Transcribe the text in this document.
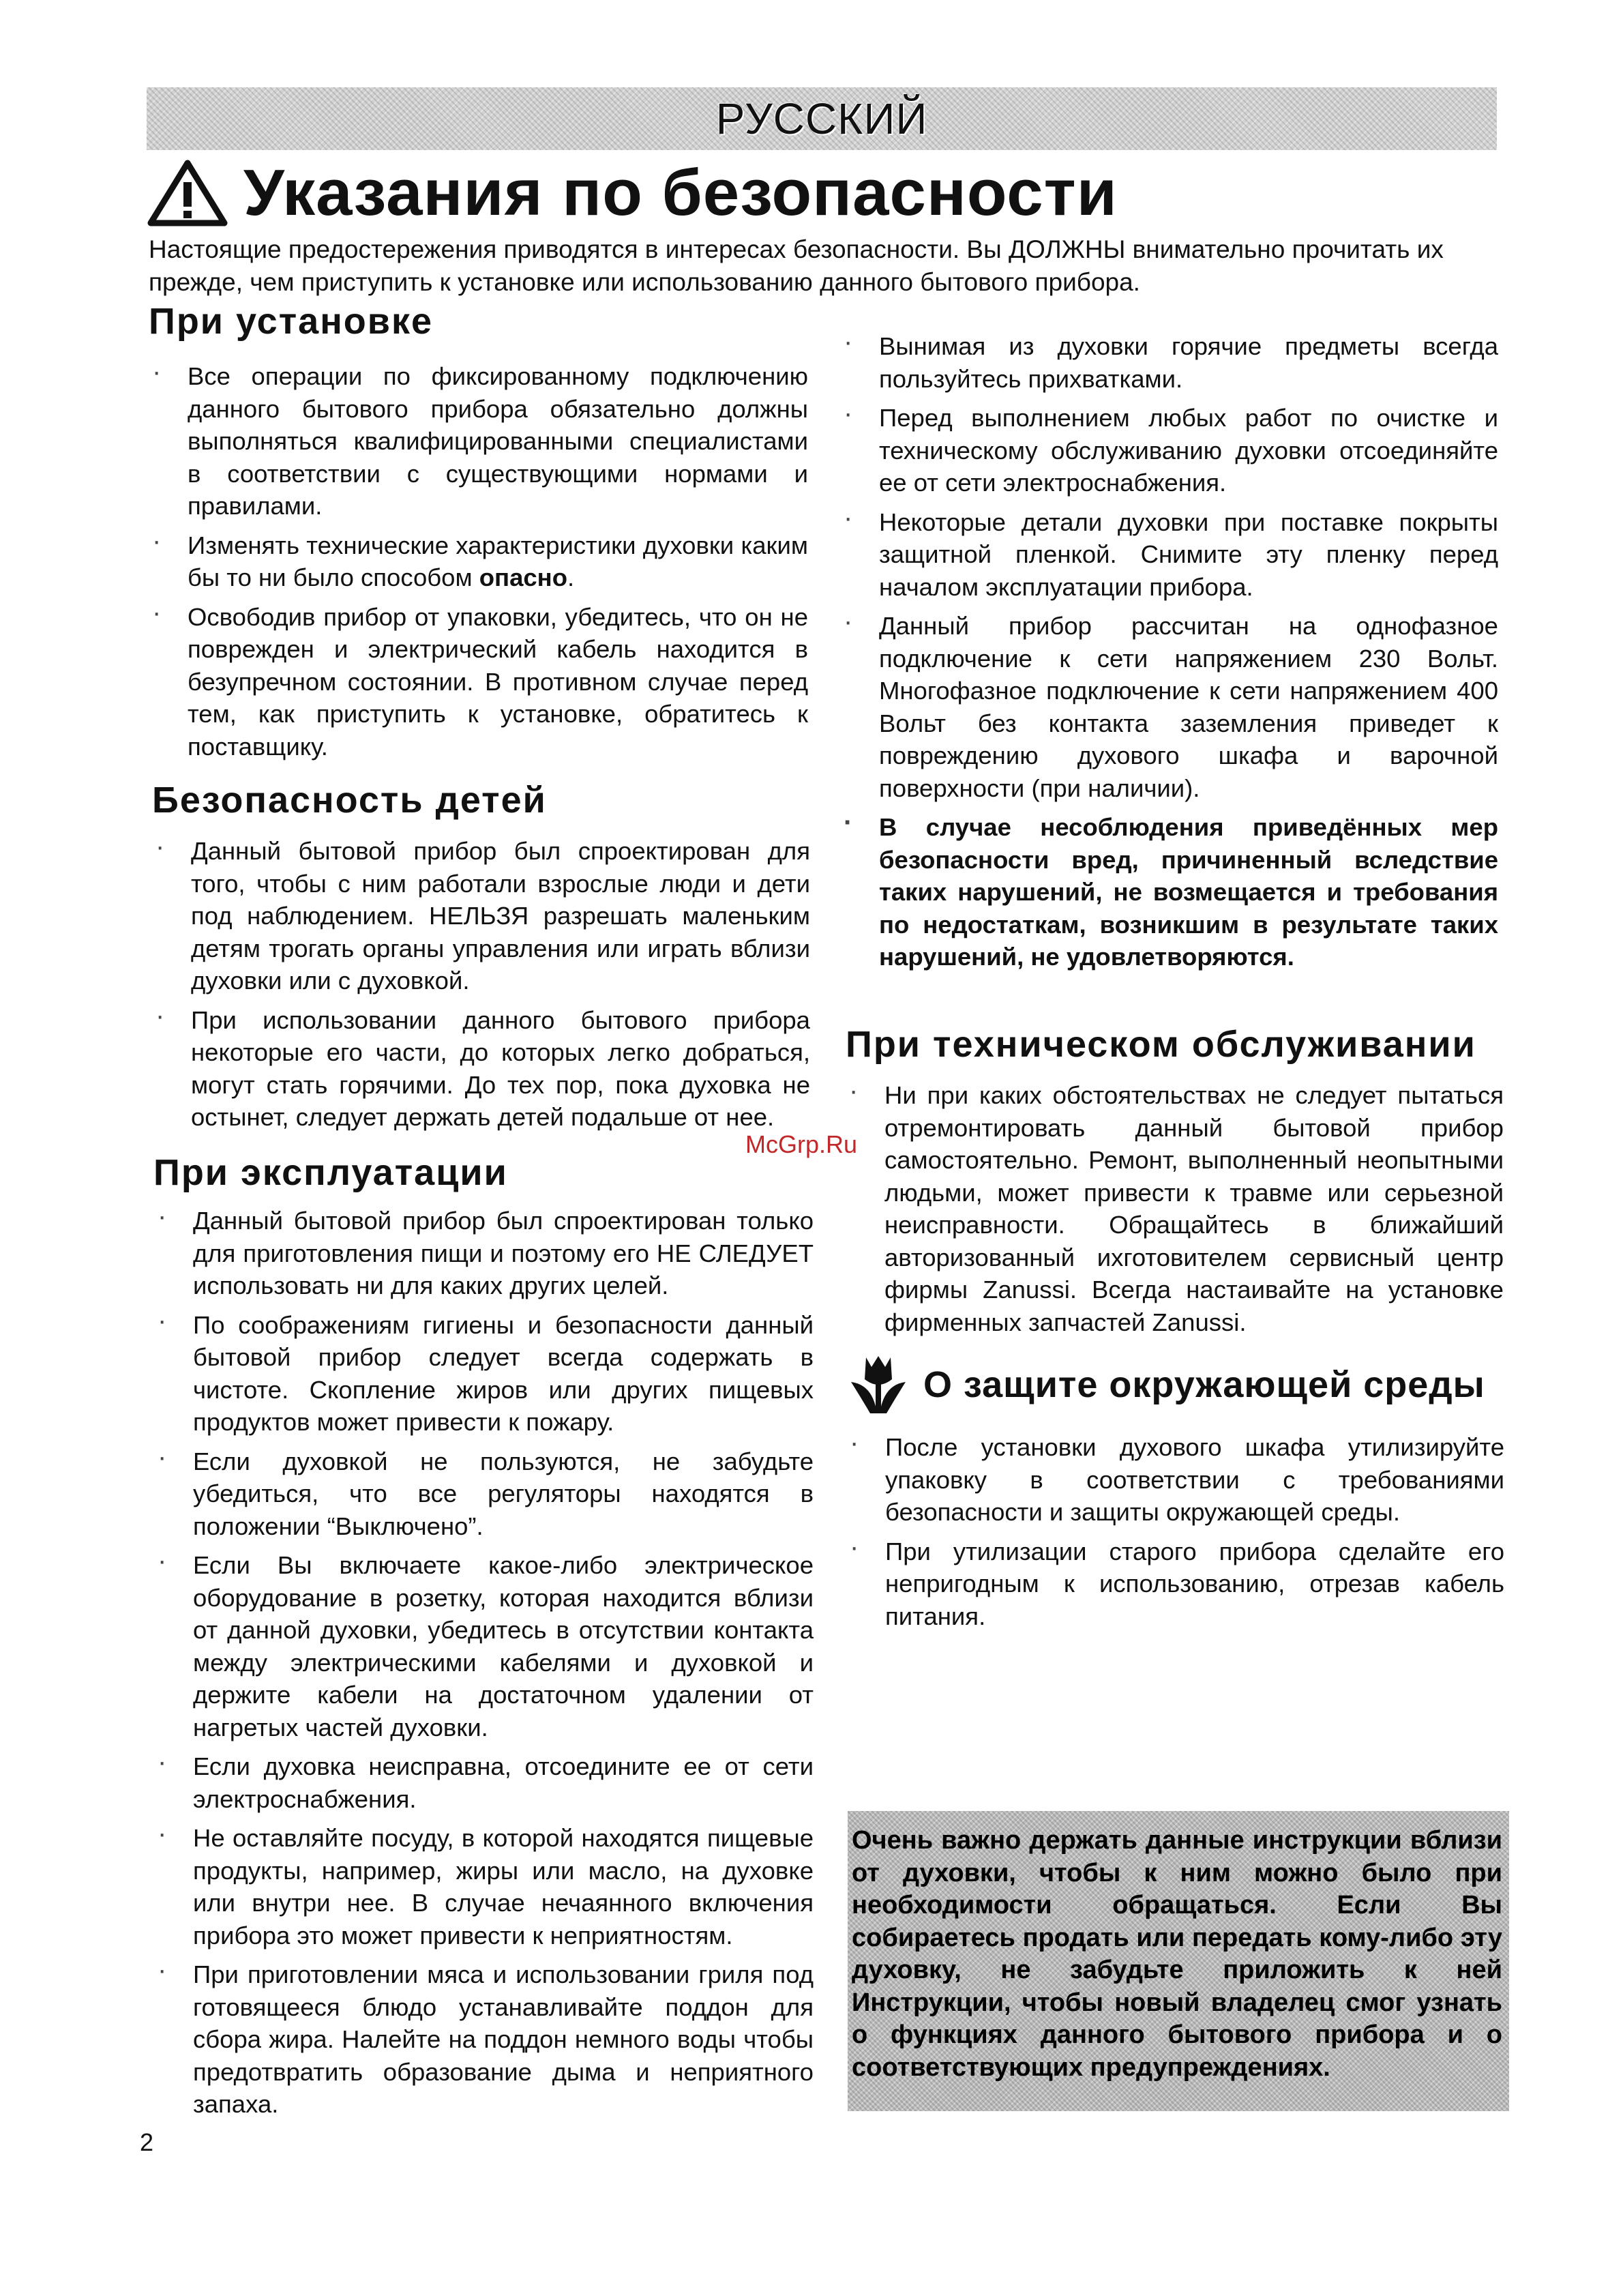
РУССКИЙ
Указания по безопасности

Настоящие предостережения приводятся в интересах безопасности. Вы ДОЛЖНЫ внимательно прочитать их прежде, чем приступить к установке или использованию данного бытового прибора.

При установке
· Все операции по фиксированному подключению данного бытового прибора обязательно должны выполняться квалифицированными специалистами в соответствии с существующими нормами и правилами.
· Изменять технические характеристики духовки каким бы то ни было способом опасно.
· Освободив прибор от упаковки, убедитесь, что он не поврежден и электрический кабель находится в безупречном состоянии. В противном случае перед тем, как приступить к установке, обратитесь к поставщику.
Безопасность детей
· Данный бытовой прибор был спроектирован для того, чтобы с ним работали взрослые люди и дети под наблюдением. НЕЛЬЗЯ разрешать маленьким детям трогать органы управления или играть вблизи духовки или с духовкой.
· При использовании данного бытового прибора некоторые его части, до которых легко добраться, могут стать горячими. До тех пор, пока духовка не остынет, следует держать детей подальше от нее.
При эксплуатации
· Данный бытовой прибор был спроектирован только для приготовления пищи и поэтому его НЕ СЛЕДУЕТ использовать ни для каких других целей.
· По соображениям гигиены и безопасности данный бытовой прибор следует всегда содержать в чистоте. Скопление жиров или других пищевых продуктов может привести к пожару.
· Если духовкой не пользуются, не забудьте убедиться, что все регуляторы находятся в положении “Выключено”.
· Если Вы включаете какое-либо электрическое оборудование в розетку, которая находится вблизи от данной духовки, убедитесь в отсутствии контакта между электрическими кабелями и духовкой и держите кабели на достаточном удалении от нагретых частей духовки.
· Если духовка неисправна, отсоедините ее от сети электроснабжения.
· Не оставляйте посуду, в которой находятся пищевые продукты, например, жиры или масло, на духовке или внутри нее. В случае нечаянного включения прибора это может привести к неприятностям.
· При приготовлении мяса и использовании гриля под готовящееся блюдо устанавливайте поддон для сбора жира. Налейте на поддон немного воды чтобы предотвратить образование дыма и неприятного запаха.
· Вынимая из духовки горячие предметы всегда пользуйтесь прихватками.
· Перед выполнением любых работ по очистке и техническому обслуживанию духовки отсоединяйте ее от сети электроснабжения.
· Некоторые детали духовки при поставке покрыты защитной пленкой. Снимите эту пленку перед началом эксплуатации прибора.
· Данный прибор рассчитан на однофазное подключение к сети напряжением 230 Вольт. Многофазное подключение к сети напряжением 400 Вольт без контакта заземления приведет к повреждению духового шкафа и варочной поверхности (при наличии).
· В случае несоблюдения приведённых мер безопасности вред, причиненный вследствие таких нарушений, не возмещается и требования по недостаткам, возникшим в результате таких нарушений, не удовлетворяются.
При техническом обслуживании
· Ни при каких обстоятельствах не следует пытаться отремонтировать данный бытовой прибор самостоятельно. Ремонт, выполненный неопытными людьми, может привести к травме или серьезной неисправности. Обращайтесь в ближайший авторизованный ихготовителем сервисный центр фирмы Zanussi. Всегда настаивайте на установке фирменных запчастей Zanussi.
О защите окружающей среды
· После установки духового шкафа утилизируйте упаковку в соответствии с требованиями безопасности и защиты окружающей среды.
· При утилизации старого прибора сделайте его непригодным к использованию, отрезав кабель питания.

Очень важно держать данные инструкции вблизи от духовки, чтобы к ним можно было при необходимости обращаться. Если Вы собираетесь продать или передать кому-либо эту духовку, не забудьте приложить к ней Инструкции, чтобы новый владелец смог узнать о функциях данного бытового прибора и о соответствующих предупреждениях.

McGrp.Ru
2
